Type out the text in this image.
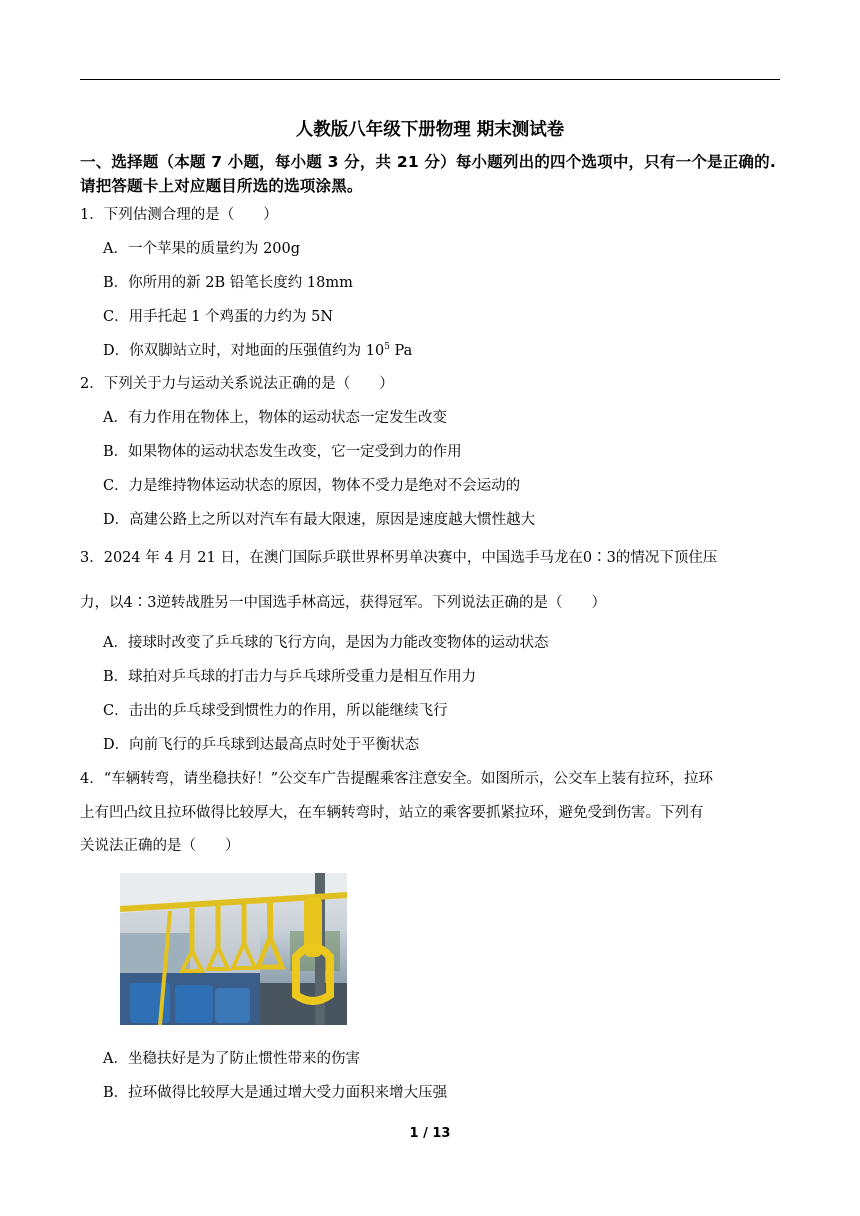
人教版八年级下册物理 期末测试卷
一、选择题（本题 7 小题，每小题 3 分，共 21 分）每小题列出的四个选项中，只有一个是正确的.请把答题卡上对应题目所选的选项涂黑。
1．下列估测合理的是（　　）
A．一个苹果的质量约为 200g
B．你所用的新 2B 铅笔长度约 18mm
C．用手托起 1 个鸡蛋的力约为 5N
D．你双脚站立时，对地面的压强值约为 $10^5$ Pa
2．下列关于力与运动关系说法正确的是（　　）
A．有力作用在物体上，物体的运动状态一定发生改变
B．如果物体的运动状态发生改变，它一定受到力的作用
C．力是维持物体运动状态的原因，物体不受力是绝对不会运动的
D．高建公路上之所以对汽车有最大限速，原因是速度越大惯性越大
3．2024 年 4 月 21 日，在澳门国际乒联世界杯男单决赛中，中国选手马龙在0∶3的情况下顶住压
力，以4∶3逆转战胜另一中国选手林高远，获得冠军。下列说法正确的是（　　）
A．接球时改变了乒乓球的飞行方向，是因为力能改变物体的运动状态
B．球拍对乒乓球的打击力与乒乓球所受重力是相互作用力
C．击出的乒乓球受到惯性力的作用，所以能继续飞行
D．向前飞行的乒乓球到达最高点时处于平衡状态
4．“车辆转弯，请坐稳扶好！”公交车广告提醒乘客注意安全。如图所示，公交车上装有拉环，拉环
上有凹凸纹且拉环做得比较厚大，在车辆转弯时，站立的乘客要抓紧拉环，避免受到伤害。下列有
关说法正确的是（　　）
A．坐稳扶好是为了防止惯性带来的伤害
B．拉环做得比较厚大是通过增大受力面积来增大压强
1 / 13
